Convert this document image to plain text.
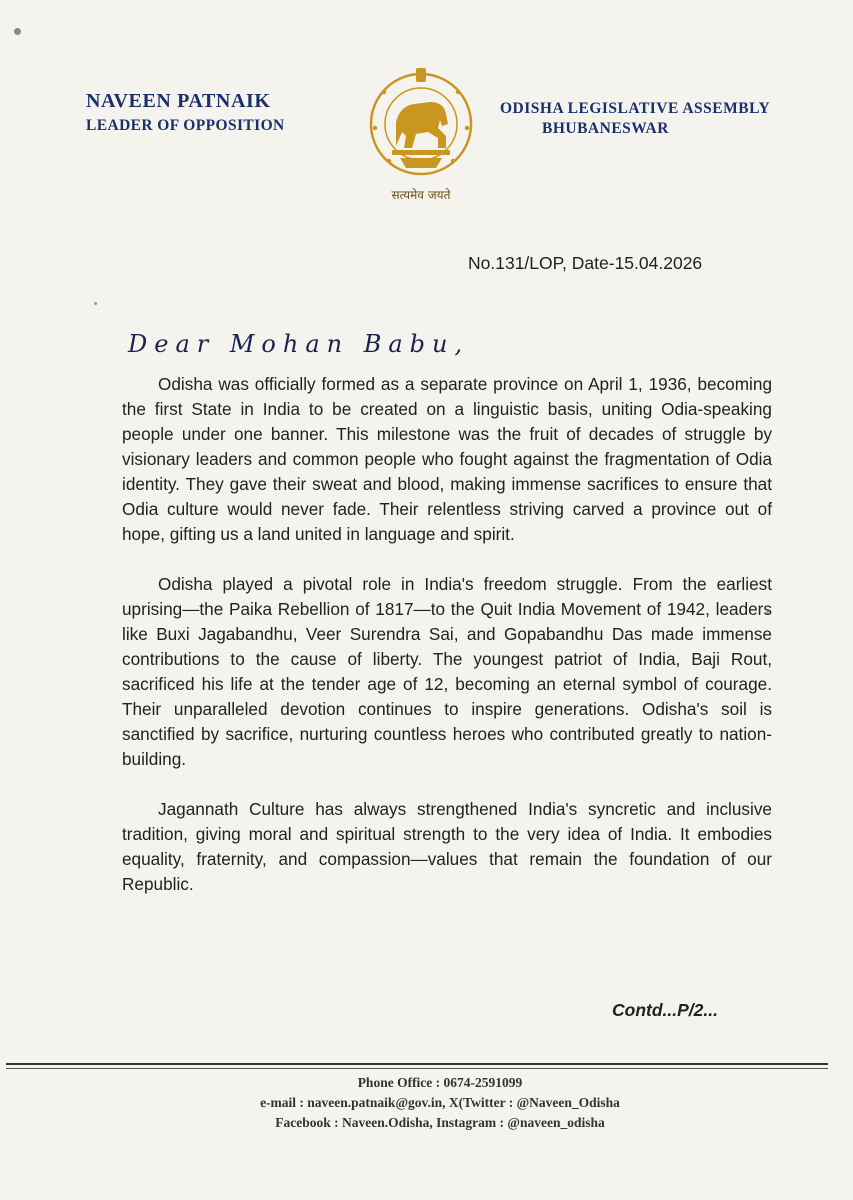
NAVEEN PATNAIK
LEADER OF OPPOSITION
सत्यमेव जयते
ODISHA LEGISLATIVE ASSEMBLY
BHUBANESWAR
No.131/LOP, Date-15.04.2026
Dear Mohan Babu,

Odisha was officially formed as a separate province on April 1, 1936, becoming the first State in India to be created on a linguistic basis, uniting Odia-speaking people under one banner. This milestone was the fruit of decades of struggle by visionary leaders and common people who fought against the fragmentation of Odia identity. They gave their sweat and blood, making immense sacrifices to ensure that Odia culture would never fade. Their relentless striving carved a province out of hope, gifting us a land united in language and spirit.

Odisha played a pivotal role in India's freedom struggle. From the earliest uprising—the Paika Rebellion of 1817—to the Quit India Movement of 1942, leaders like Buxi Jagabandhu, Veer Surendra Sai, and Gopabandhu Das made immense contributions to the cause of liberty. The youngest patriot of India, Baji Rout, sacrificed his life at the tender age of 12, becoming an eternal symbol of courage. Their unparalleled devotion continues to inspire generations. Odisha's soil is sanctified by sacrifice, nurturing countless heroes who contributed greatly to nation-building.

Jagannath Culture has always strengthened India's syncretic and inclusive tradition, giving moral and spiritual strength to the very idea of India. It embodies equality, fraternity, and compassion—values that remain the foundation of our Republic.

Contd...P/2...
Phone Office : 0674-2591099
e-mail : naveen.patnaik@gov.in, X(Twitter : @Naveen_Odisha
Facebook : Naveen.Odisha, Instagram : @naveen_odisha
